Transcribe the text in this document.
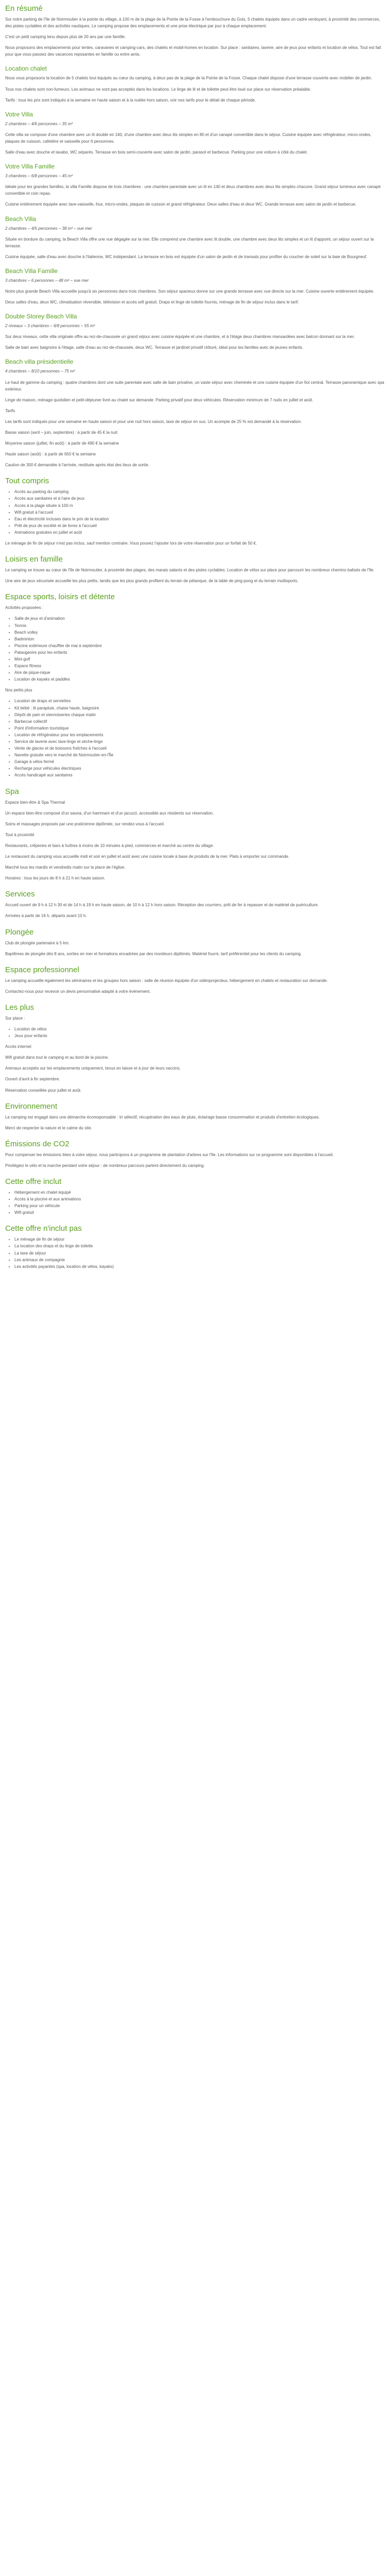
En résumé

Sur notre parking de l'île de Noirmoutier à la pointe du village, à 100 m de la plage de la Pointe de la Fosse à l'embouchure du Gois, 5 chalets équipés dans un cadre verdoyant, à proximité des commerces, des pistes cyclables et des activités nautiques. Le camping propose des emplacements et une prise électrique par jour à chaque emplacement.

C'est un petit camping tenu depuis plus de 20 ans par une famille.

Nous proposons des emplacements pour tentes, caravanes et camping-cars, des chalets et mobil-homes en location. Sur place : sanitaires, laverie, aire de jeux pour enfants et location de vélos. Tout est fait pour que vous passiez des vacances reposantes en famille ou entre amis.

Location chalet

Nous vous proposons la location de 5 chalets tout équipés au cœur du camping, à deux pas de la plage de la Pointe de la Fosse. Chaque chalet dispose d'une terrasse couverte avec mobilier de jardin.

Tous nos chalets sont non-fumeurs. Les animaux ne sont pas acceptés dans les locations. Le linge de lit et de toilette peut être loué sur place sur réservation préalable.

Tarifs : tous les prix sont indiqués à la semaine en haute saison et à la nuitée hors saison, voir nos tarifs pour le détail de chaque période.

Votre Villa

2 chambres – 4/6 personnes – 35 m²

Cette villa se compose d'une chambre avec un lit double en 140, d'une chambre avec deux lits simples en 80 et d'un canapé convertible dans le séjour. Cuisine équipée avec réfrigérateur, micro-ondes, plaques de cuisson, cafetière et vaisselle pour 6 personnes.

Salle d'eau avec douche et lavabo, WC séparés. Terrasse en bois semi-couverte avec salon de jardin, parasol et barbecue. Parking pour une voiture à côté du chalet.

Votre Villa Famille

3 chambres – 6/8 personnes – 45 m²

Idéale pour les grandes familles, la villa Famille dispose de trois chambres : une chambre parentale avec un lit en 140 et deux chambres avec deux lits simples chacune. Grand séjour lumineux avec canapé convertible et coin repas.

Cuisine entièrement équipée avec lave-vaisselle, four, micro-ondes, plaques de cuisson et grand réfrigérateur. Deux salles d'eau et deux WC. Grande terrasse avec salon de jardin et barbecue.

Beach Villa

2 chambres – 4/5 personnes – 38 m² – vue mer

Située en bordure du camping, la Beach Villa offre une vue dégagée sur la mer. Elle comprend une chambre avec lit double, une chambre avec deux lits simples et un lit d'appoint, un séjour ouvert sur la terrasse.

Cuisine équipée, salle d'eau avec douche à l'italienne, WC indépendant. La terrasse en bois est équipée d'un salon de jardin et de transats pour profiter du coucher de soleil sur la baie de Bourgneuf.

Beach Villa Famille

3 chambres – 6 personnes – 48 m² – vue mer

Notre plus grande Beach Villa accueille jusqu'à six personnes dans trois chambres. Son séjour spacieux donne sur une grande terrasse avec vue directe sur la mer. Cuisine ouverte entièrement équipée.

Deux salles d'eau, deux WC, climatisation réversible, télévision et accès wifi gratuit. Draps et linge de toilette fournis, ménage de fin de séjour inclus dans le tarif.

Double Storey Beach Villa

2 niveaux – 3 chambres – 6/8 personnes – 55 m²

Sur deux niveaux, cette villa originale offre au rez-de-chaussée un grand séjour avec cuisine équipée et une chambre, et à l'étage deux chambres mansardées avec balcon donnant sur la mer.

Salle de bain avec baignoire à l'étage, salle d'eau au rez-de-chaussée, deux WC. Terrasse et jardinet privatif clôturé, idéal pour les familles avec de jeunes enfants.

Beach villa présidentielle

4 chambres – 8/10 personnes – 75 m²

Le haut de gamme du camping : quatre chambres dont une suite parentale avec salle de bain privative, un vaste séjour avec cheminée et une cuisine équipée d'un îlot central. Terrasse panoramique avec spa extérieur.

Linge de maison, ménage quotidien et petit-déjeuner livré au chalet sur demande. Parking privatif pour deux véhicules. Réservation minimum de 7 nuits en juillet et août.

Tarifs

Les tarifs sont indiqués pour une semaine en haute saison et pour une nuit hors saison, taxe de séjour en sus. Un acompte de 25 % est demandé à la réservation.

Basse saison (avril – juin, septembre) : à partir de 45 € la nuit

Moyenne saison (juillet, fin août) : à partir de 490 € la semaine

Haute saison (août) : à partir de 650 € la semaine

Caution de 300 € demandée à l'arrivée, restituée après état des lieux de sortie.

Tout compris
• Accès au parking du camping
• Accès aux sanitaires et à l'aire de jeux
• Accès à la plage située à 100 m
• Wifi gratuit à l'accueil
• Eau et électricité incluses dans le prix de la location
• Prêt de jeux de société et de livres à l'accueil
• Animations gratuites en juillet et août

Le ménage de fin de séjour n'est pas inclus, sauf mention contraire. Vous pouvez l'ajouter lors de votre réservation pour un forfait de 50 €.

Loisirs en famille

Le camping se trouve au cœur de l'île de Noirmoutier, à proximité des plages, des marais salants et des pistes cyclables. Location de vélos sur place pour parcourir les nombreux chemins balisés de l'île.

Une aire de jeux sécurisée accueille les plus petits, tandis que les plus grands profitent du terrain de pétanque, de la table de ping-pong et du terrain multisports.

Espace sports, loisirs et détente

Activités proposées :

• Salle de jeux et d'animation
• Tennis
• Beach volley
• Badminton
• Piscine extérieure chauffée de mai à septembre
• Pataugeoire pour les enfants
• Mini-golf
• Espace fitness
• Aire de pique-nique
• Location de kayaks et paddles

Nos petits plus

• Location de draps et serviettes
• Kit bébé : lit parapluie, chaise haute, baignoire
• Dépôt de pain et viennoiseries chaque matin
• Barbecue collectif
• Point d'information touristique
• Location de réfrigérateur pour les emplacements
• Service de laverie avec lave-linge et sèche-linge
• Vente de glaces et de boissons fraîches à l'accueil
• Navette gratuite vers le marché de Noirmoutier-en-l'Île
• Garage à vélos fermé
• Recharge pour véhicules électriques
• Accès handicapé aux sanitaires
Spa

Espace bien-être & Spa Thermal

Un espace bien-être composé d'un sauna, d'un hammam et d'un jacuzzi, accessible aux résidents sur réservation.

Soins et massages proposés par une praticienne diplômée, sur rendez-vous à l'accueil.

Tout à proximité

Restaurants, crêperies et bars à huîtres à moins de 10 minutes à pied, commerces et marché au centre du village.

Le restaurant du camping vous accueille midi et soir en juillet et août avec une cuisine locale à base de produits de la mer. Plats à emporter sur commande.

Marché tous les mardis et vendredis matin sur la place de l'église.

Horaires : tous les jours de 8 h à 21 h en haute saison.

Services

Accueil ouvert de 9 h à 12 h 30 et de 14 h à 19 h en haute saison, de 10 h à 12 h hors saison. Réception des courriers, prêt de fer à repasser et de matériel de puériculture.

Arrivées à partir de 16 h, départs avant 10 h.

Plongée

Club de plongée partenaire à 5 km.

Baptêmes de plongée dès 8 ans, sorties en mer et formations encadrées par des moniteurs diplômés. Matériel fourni, tarif préférentiel pour les clients du camping.

Espace professionnel

Le camping accueille également les séminaires et les groupes hors saison : salle de réunion équipée d'un vidéoprojecteur, hébergement en chalets et restauration sur demande.

Contactez-nous pour recevoir un devis personnalisé adapté à votre événement.

Les plus

Sur place :

• Location de vélos
• Jeux pour enfants

Accès internet

Wifi gratuit dans tout le camping et au bord de la piscine.

Animaux acceptés sur les emplacements uniquement, tenus en laisse et à jour de leurs vaccins.

Ouvert d'avril à fin septembre.

Réservation conseillée pour juillet et août.

Environnement

Le camping est engagé dans une démarche écoresponsable : tri sélectif, récupération des eaux de pluie, éclairage basse consommation et produits d'entretien écologiques.

Merci de respecter la nature et le calme du site.

Émissions de CO2

Pour compenser les émissions liées à votre séjour, nous participons à un programme de plantation d'arbres sur l'île. Les informations sur ce programme sont disponibles à l'accueil.

Privilégiez le vélo et la marche pendant votre séjour : de nombreux parcours partent directement du camping.

Cette offre inclut
• Hébergement en chalet équipé
• Accès à la piscine et aux animations
• Parking pour un véhicule
• Wifi gratuit
Cette offre n'inclut pas
• Le ménage de fin de séjour
• La location des draps et du linge de toilette
• La taxe de séjour
• Les animaux de compagnie
• Les activités payantes (spa, location de vélos, kayaks)
